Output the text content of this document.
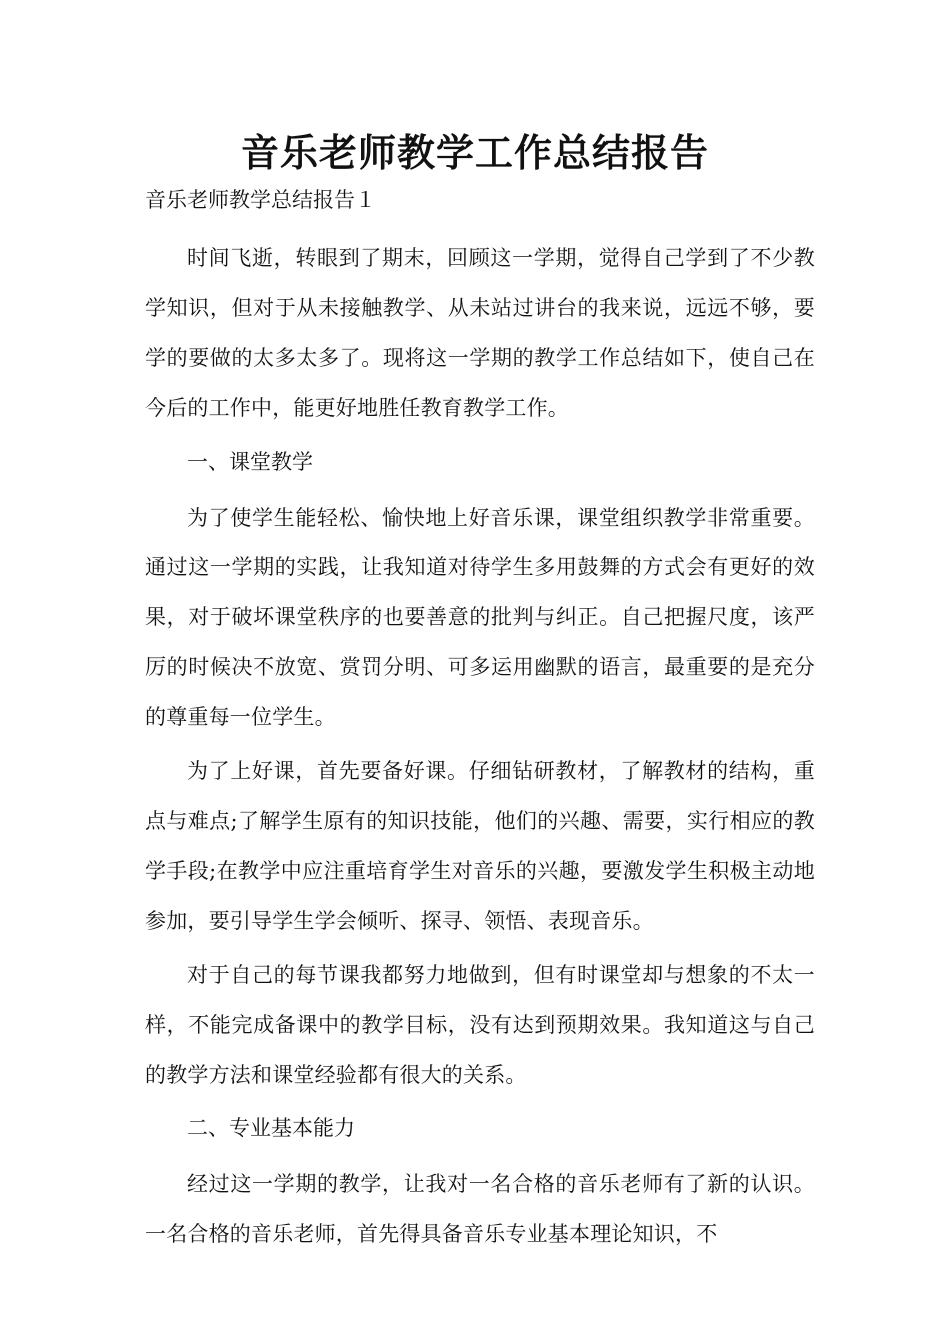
音乐老师教学工作总结报告
音乐老师教学总结报告１

时间飞逝，转眼到了期末，回顾这一学期，觉得自己学到了不少教学知识，但对于从未接触教学、从未站过讲台的我来说，远远不够，要学的要做的太多太多了。现将这一学期的教学工作总结如下，使自己在今后的工作中，能更好地胜任教育教学工作。

一、课堂教学

为了使学生能轻松、愉快地上好音乐课，课堂组织教学非常重要。通过这一学期的实践，让我知道对待学生多用鼓舞的方式会有更好的效果，对于破坏课堂秩序的也要善意的批判与纠正。自己把握尺度，该严厉的时候决不放宽、赏罚分明、可多运用幽默的语言，最重要的是充分的尊重每一位学生。

为了上好课，首先要备好课。仔细钻研教材，了解教材的结构，重点与难点;了解学生原有的知识技能，他们的兴趣、需要，实行相应的教学手段;在教学中应注重培育学生对音乐的兴趣，要激发学生积极主动地参加，要引导学生学会倾听、探寻、领悟、表现音乐。

对于自己的每节课我都努力地做到，但有时课堂却与想象的不太一样，不能完成备课中的教学目标，没有达到预期效果。我知道这与自己的教学方法和课堂经验都有很大的关系。

二、专业基本能力

经过这一学期的教学，让我对一名合格的音乐老师有了新的认识。一名合格的音乐老师，首先得具备音乐专业基本理论知识，不
